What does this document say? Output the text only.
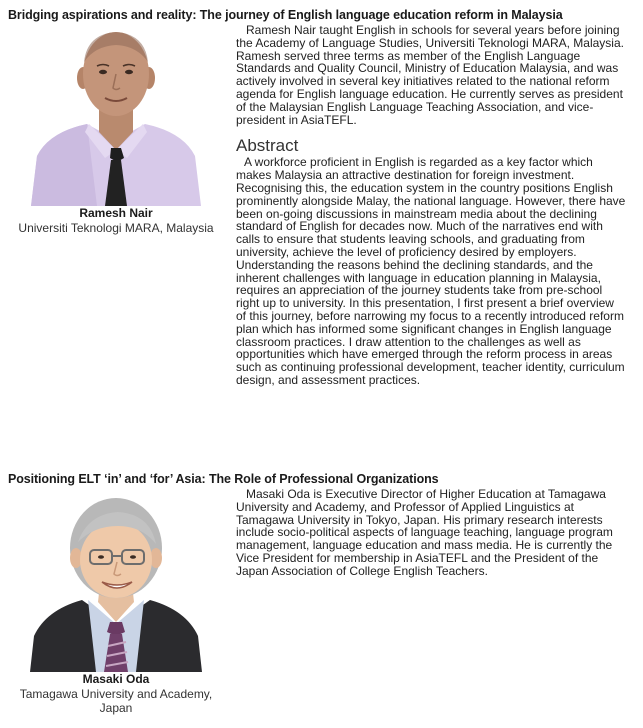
Bridging aspirations and reality: The journey of English language education reform in Malaysia
Ramesh Nair
Universiti Teknologi MARA, Malaysia

Ramesh Nair taught English in schools for several years before joining the Academy of Language Studies, Universiti Teknologi MARA, Malaysia. Ramesh served three terms as member of the English Language Standards and Quality Council, Ministry of Education Malaysia, and was actively involved in several key initiatives related to the national reform agenda for English language education. He currently serves as president of the Malaysian English Language Teaching Association, and vice-president in AsiaTEFL.

Abstract

A workforce proficient in English is regarded as a key factor which makes Malaysia an attractive destination for foreign investment. Recognising this, the education system in the country positions English prominently alongside Malay, the national language. However, there have been on-going discussions in mainstream media about the declining standard of English for decades now. Much of the narratives end with calls to ensure that students leaving schools, and graduating from university, achieve the level of proficiency desired by employers. Understanding the reasons behind the declining standards, and the inherent challenges with language in education planning in Malaysia, requires an appreciation of the journey students take from pre-school right up to university. In this presentation, I first present a brief overview of this journey, before narrowing my focus to a recently introduced reform plan which has informed some significant changes in English language classroom practices. I draw attention to the challenges as well as opportunities which have emerged through the reform process in areas such as continuing professional development, teacher identity, curriculum design, and assessment practices.

Positioning ELT ‘in’ and ‘for’ Asia: The Role of Professional Organizations
Masaki Oda
Tamagawa University and Academy, Japan

Masaki Oda is Executive Director of Higher Education at Tamagawa University and Academy, and Professor of Applied Linguistics at Tamagawa University in Tokyo, Japan. His primary research interests include socio-political aspects of language teaching, language program management, language education and mass media. He is currently the Vice President for membership in AsiaTEFL and the President of the Japan Association of College English Teachers.
